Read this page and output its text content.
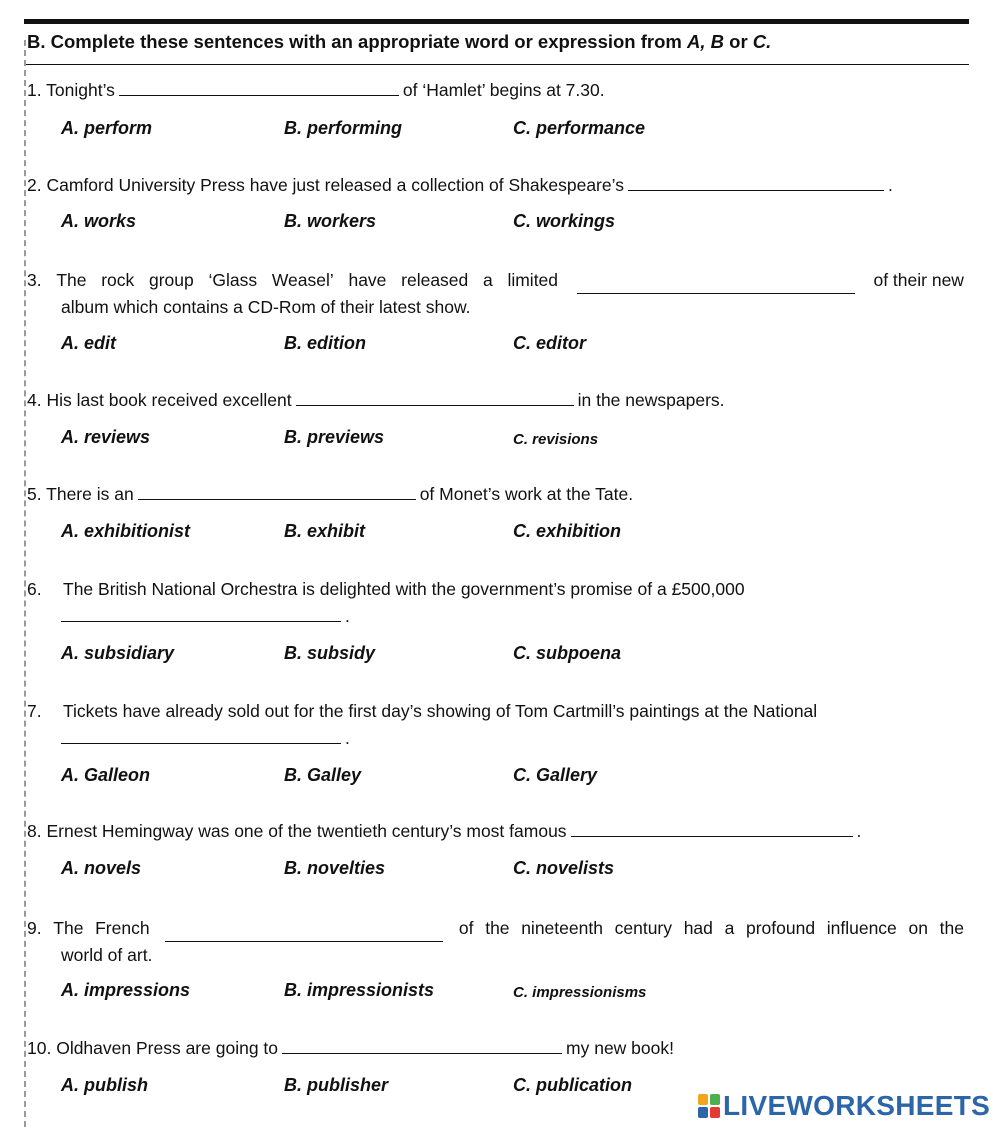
B. Complete these sentences with an appropriate word or expression from A, B or C.
1. Tonight’s	of ‘Hamlet’ begins at 7.30.
A. perform	B. performing	C. performance
2. Camford University Press have just released a collection of Shakespeare’s	.
A. works	B. workers	C. workings
3. The rock group ‘Glass Weasel’ have released a limited	of their new
album which contains a CD-Rom of their latest show.
A. edit	B. edition	C. editor
4. His last book received excellent	in the newspapers.
A. reviews	B. previews	C. revisions
5. There is an	of Monet’s work at the Tate.
A. exhibitionist	B. exhibit	C. exhibition
6. The British National Orchestra is delighted with the government’s promise of a £500,000
.
A. subsidiary	B. subsidy	C. subpoena
7. Tickets have already sold out for the first day’s showing of Tom Cartmill’s paintings at the National
.
A. Galleon	B. Galley	C. Gallery
8. Ernest Hemingway was one of the twentieth century’s most famous	.
A. novels	B. novelties	C. novelists
9. The French	of the nineteenth century had a profound influence on the
world of art.
A. impressions	B. impressionists	C. impressionisms
10. Oldhaven Press are going to	my new book!
A. publish	B. publisher	C. publication
LIVEWORKSHEETS
